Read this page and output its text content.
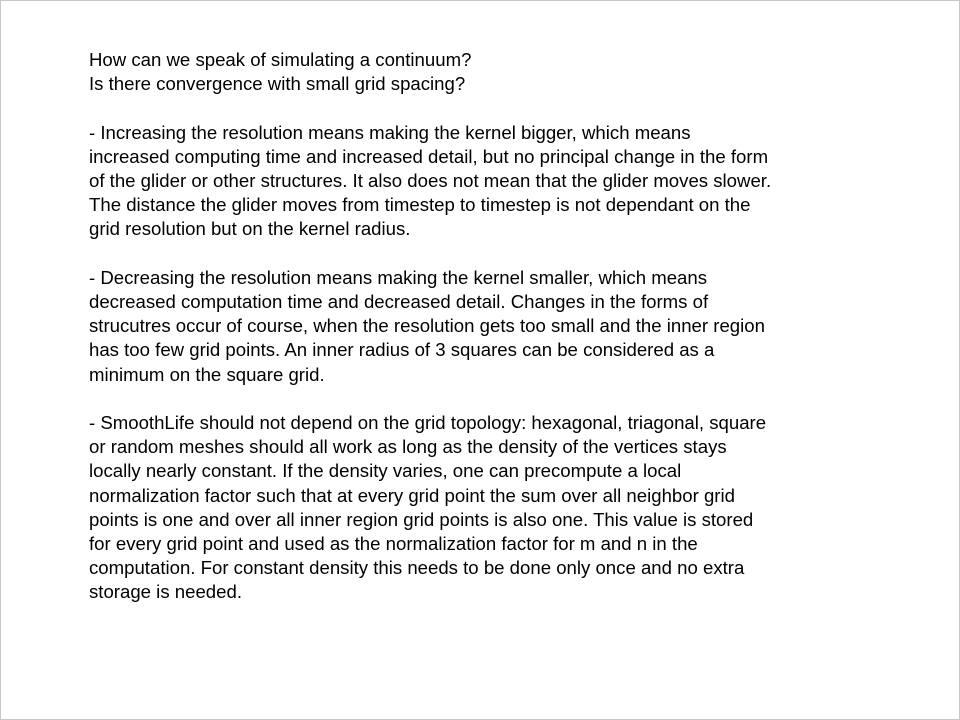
How can we speak of simulating a continuum?

Is there convergence with small grid spacing?

- Increasing the resolution means making the kernel bigger, which means
increased computing time and increased detail, but no principal change in the form
of the glider or other structures. It also does not mean that the glider moves slower.
The distance the glider moves from timestep to timestep is not dependant on the
grid resolution but on the kernel radius.

- Decreasing the resolution means making the kernel smaller, which means
decreased computation time and decreased detail. Changes in the forms of
strucutres occur of course, when the resolution gets too small and the inner region
has too few grid points. An inner radius of 3 squares can be considered as a
minimum on the square grid.

- SmoothLife should not depend on the grid topology: hexagonal, triagonal, square
or random meshes should all work as long as the density of the vertices stays
locally nearly constant. If the density varies, one can precompute a local
normalization factor such that at every grid point the sum over all neighbor grid
points is one and over all inner region grid points is also one. This value is stored
for every grid point and used as the normalization factor for m and n in the
computation. For constant density this needs to be done only once and no extra
storage is needed.
